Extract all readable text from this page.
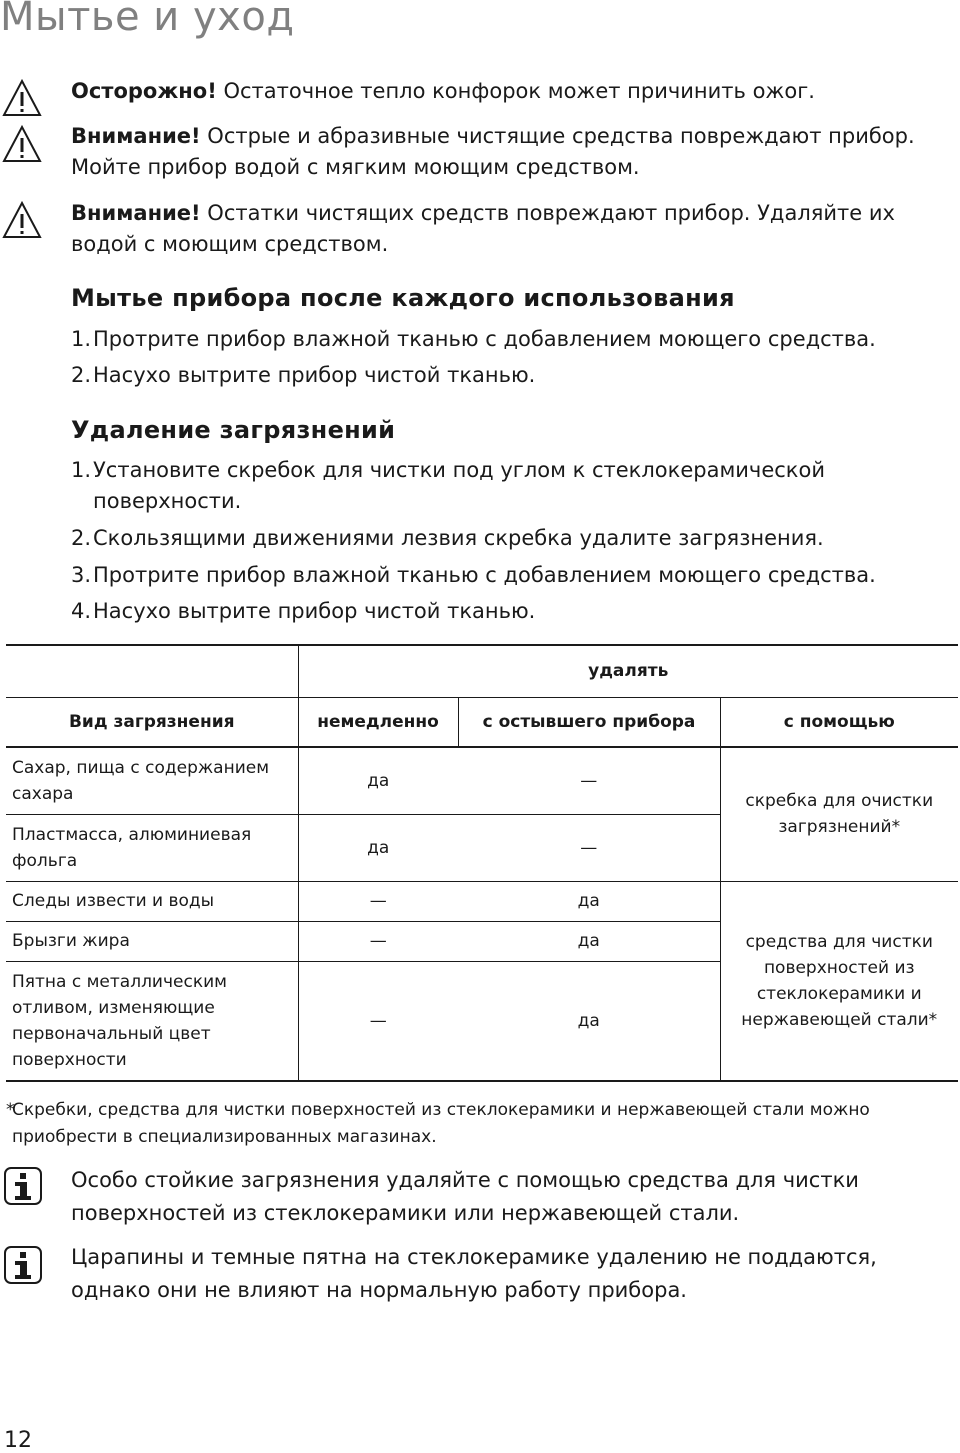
Мытье и уход

Осторожно! Остаточное тепло конфорок может причинить ожог.

Внимание! Острые и абразивные чистящие средства повреждают прибор. Мойте прибор водой с мягким моющим средством.

Внимание! Остатки чистящих средств повреждают прибор. Удаляйте их водой с моющим средством.

Мытье прибора после каждого использования
1. Протрите прибор влажной тканью с добавлением моющего средства.
2. Насухо вытрите прибор чистой тканью.
Удаление загрязнений
1. Установите скребок для чистки под углом к стеклокерамической поверхности.
2. Скользящими движениями лезвия скребка удалите загрязнения.
3. Протрите прибор влажной тканью с добавлением моющего средства.
4. Насухо вытрите прибор чистой тканью.
	удалять		
Вид загрязнения	немедленно	с остывшего прибора	с помощью
Сахар, пища с содержанием сахара	да	—	скребка для очистки загрязнений*
Пластмасса, алюминиевая фольга	да	—	
Следы извести и воды	—	да	средства для чистки поверхностей из стеклокерамики и нержавеющей стали*
Брызги жира	—	да	
Пятна с металлическим отливом, изменяющие первоначальный цвет поверхности	—	да	
*
Скребки, средства для чистки поверхностей из стеклокерамики и нержавеющей стали можно приобрести в специализированных магазинах.

Особо стойкие загрязнения удаляйте с помощью средства для чистки поверхностей из стеклокерамики или нержавеющей стали.

Царапины и темные пятна на стеклокерамике удалению не поддаются, однако они не влияют на нормальную работу прибора.

12
